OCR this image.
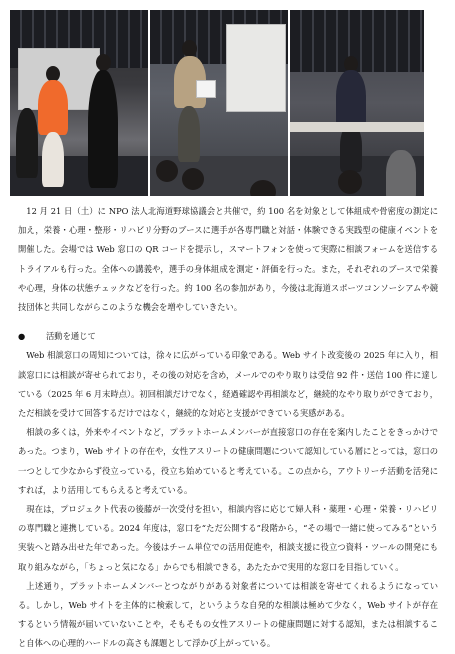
12 月 21 日（土）に NPO 法人北海道野球協議会と共催で，約 100 名を対象として体組成や骨密度の測定に加え，栄養・心理・整形・リハビリ分野のブースに選手が各専門職と対話・体験できる実践型の健康イベントを開催した。会場では Web 窓口の QR コードを提示し，スマートフォンを使って実際に相談フォームを送信するトライアルも行った。全体への講義や，選手の身体組成を測定・評価を行った。また，それぞれのブースで栄養や心理，身体の状態チェックなどを行った。約 100 名の参加があり，今後は北海道スポーツコンソーシアムや競技団体と共同しながらこのような機会を増やしていきたい。

●	活動を通じて

Web 相談窓口の周知については，徐々に広がっている印象である。Web サイト改変後の 2025 年に入り，相談窓口には相談が寄せられており，その後の対応を含め，メールでのやり取りは受信 92 件・送信 100 件に達している（2025 年 6 月末時点）。初回相談だけでなく，経過確認や再相談など，継続的なやり取りができており，ただ相談を受けて回答するだけではなく，継続的な対応と支援ができている実感がある。

相談の多くは，外来やイベントなど，プラットホームメンバーが直接窓口の存在を案内したことをきっかけであった。つまり，Web サイトの存在や，女性アスリートの健康問題について認知している層にとっては，窓口の一つとして少なからず役立っている，役立ち始めていると考えている。この点から，アウトリーチ活動を活発にすれば，より活用してもらえると考えている。

現在は，プロジェクト代表の後藤が一次受付を担い，相談内容に応じて婦人科・薬理・心理・栄養・リハビリの専門職と連携している。2024 年度は，窓口を“ただ公開する”段階から，“その場で一緒に使ってみる”という実装へと踏み出せた年であった。今後はチーム単位での活用促進や，相談支援に役立つ資料・ツールの開発にも取り組みながら，「ちょっと気になる」からでも相談できる，あたたかで実用的な窓口を目指していく。

上述通り，プラットホームメンバーとつながりがある対象者については相談を寄せてくれるようになっている。しかし，Web サイトを主体的に検索して，というような自発的な相談は極めて少なく，Web サイトが存在するという情報が届いていないことや，そもそもの女性アスリートの健康問題に対する認知，または相談すること自体への心理的ハードルの高さも課題として浮かび上がっている。
